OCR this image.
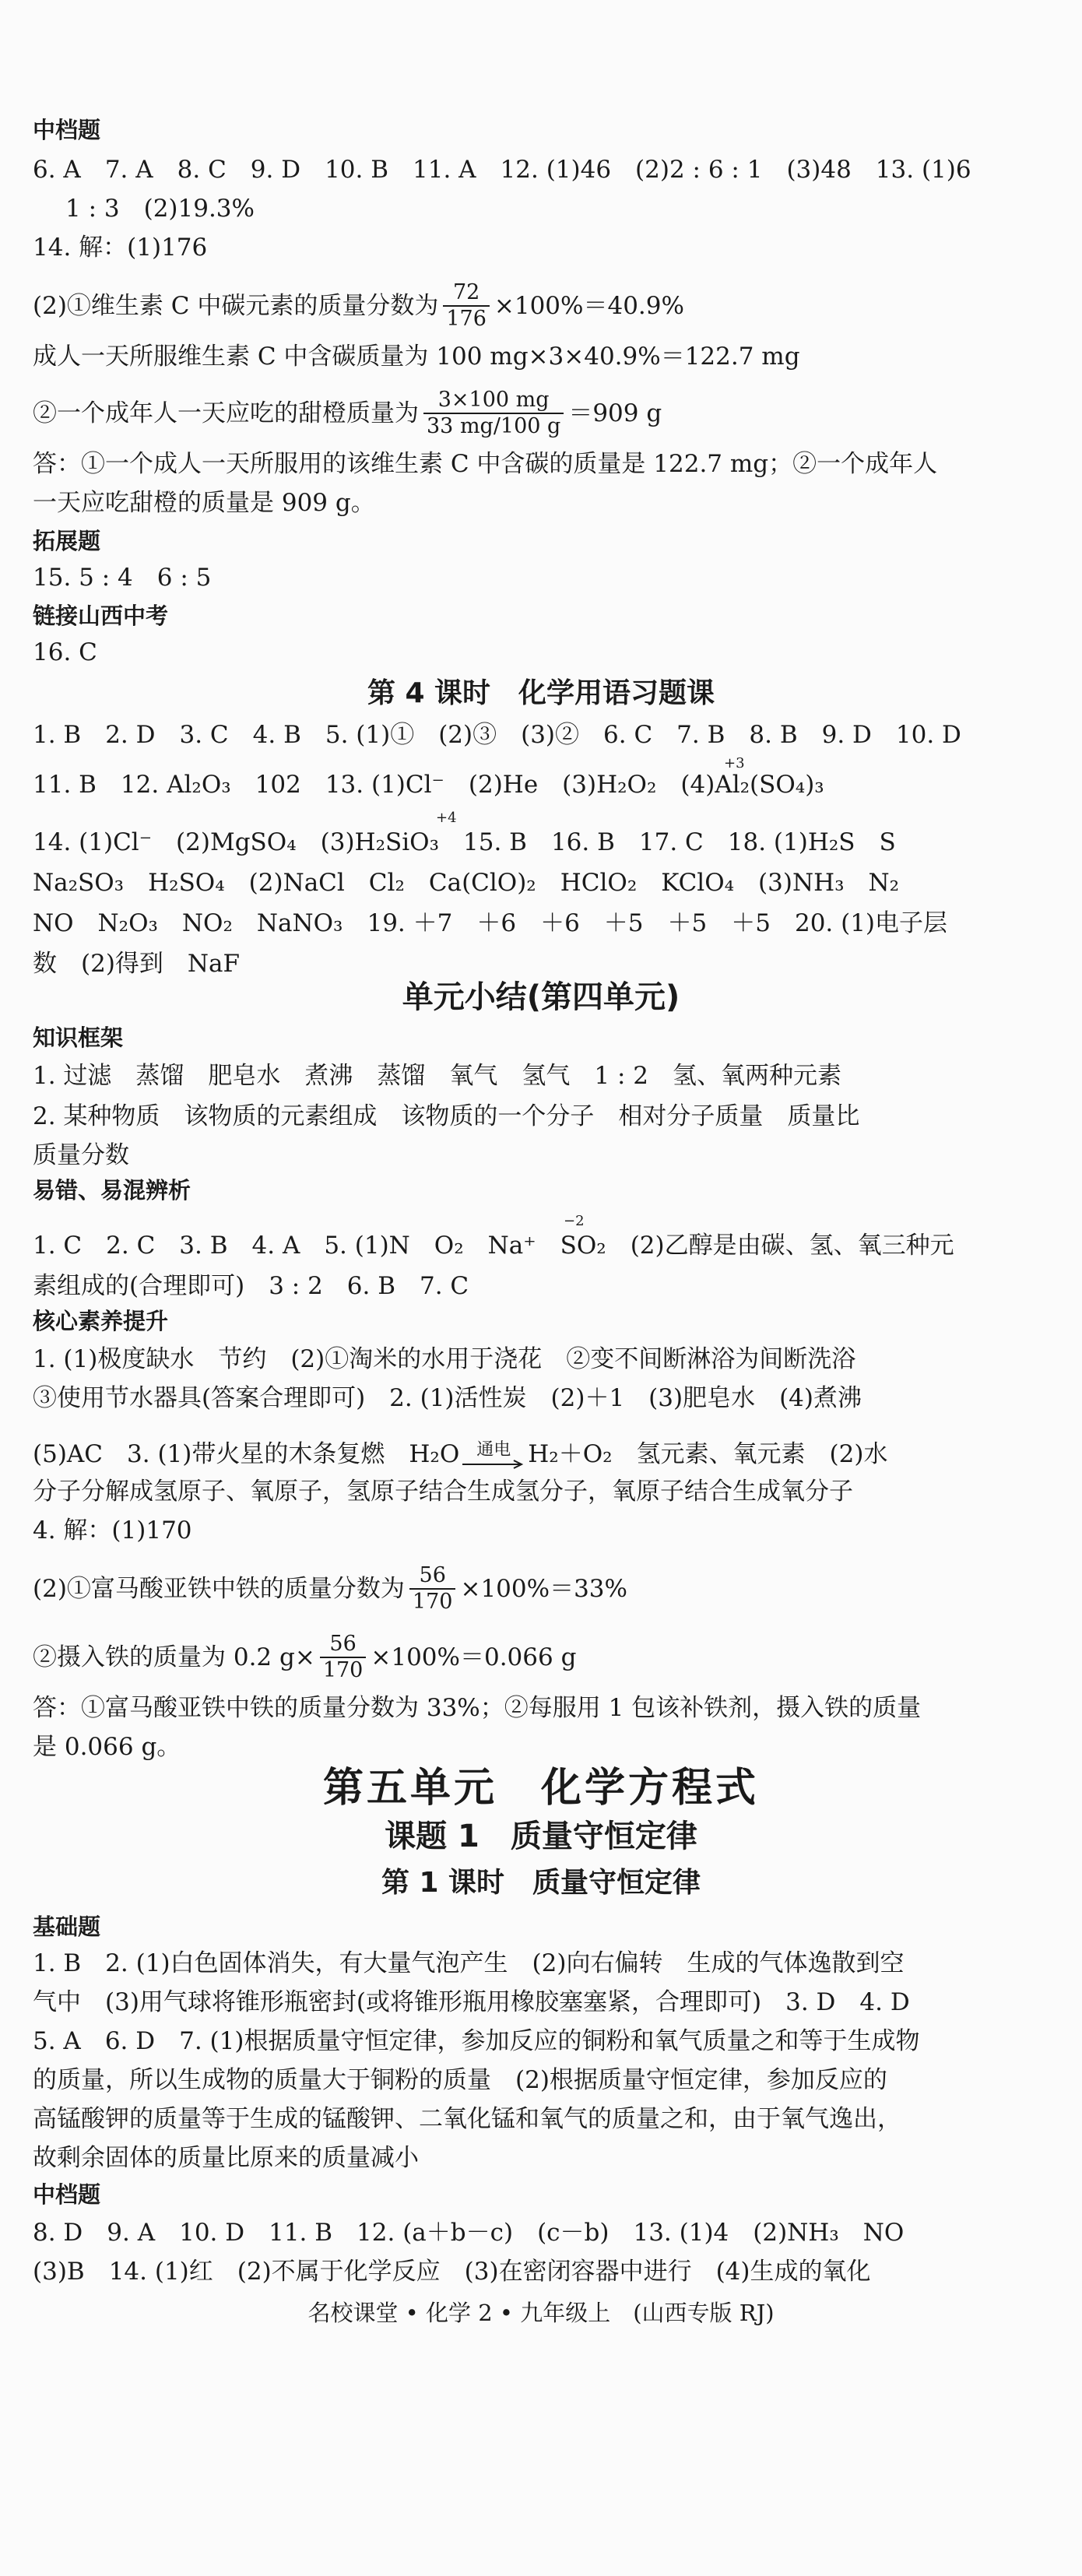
中档题
6. A　7. A　8. C　9. D　10. B　11. A　12. (1)46　(2)2 : 6 : 1　(3)48　13. (1)6
1 : 3　(2)19.3%
14. 解：(1)176
(2)①维生素 C 中碳元素的质量分数为 $\frac{72}{176} \times 100\%=40.9\%$
成人一天所服维生素 C 中含碳质量为 100 mg×3×40.9%＝122.7 mg
②一个成年人一天应吃的甜橙质量为 $\frac{3\times 100 mg}{33 mg/100 g} =909$ g
答：①一个成人一天所服用的该维生素 C 中含碳的质量是 122.7 mg；②一个成年人
一天应吃甜橙的质量是 909 g。
拓展题
15. 5 : 4　6 : 5
链接山西中考
16. C
第 4 课时　化学用语习题课
1. B　2. D　3. C　4. B　5. (1)①　(2)③　(3)②　6. C　7. B　8. B　9. D　10. D
11. B　12. Al₂O₃　102　13. (1)Cl⁻　(2)He　(3)H₂O₂　(4)Al₂(SO₄)₃
+3
14. (1)Cl⁻　(2)MgSO₄　(3)H₂SiO₃　15. B　16. B　17. C　18. (1)H₂S　S
+4
Na₂SO₃　H₂SO₄　(2)NaCl　Cl₂　Ca(ClO)₂　HClO₂　KClO₄　(3)NH₃　N₂
NO　N₂O₃　NO₂　NaNO₃　19. ＋7　＋6　＋6　＋5　＋5　＋5　20. (1)电子层
数　(2)得到　NaF
单元小结(第四单元)
知识框架
1. 过滤　蒸馏　肥皂水　煮沸　蒸馏　氧气　氢气　1 : 2　氢、氧两种元素
2. 某种物质　该物质的元素组成　该物质的一个分子　相对分子质量　质量比
质量分数
易错、易混辨析
1. C　2. C　3. B　4. A　5. (1)N　O₂　Na⁺　SO₂　(2)乙醇是由碳、氢、氧三种元
−2
素组成的(合理即可)　3 : 2　6. B　7. C
核心素养提升
1. (1)极度缺水　节约　(2)①淘米的水用于浇花　②变不间断淋浴为间断洗浴
③使用节水器具(答案合理即可)　2. (1)活性炭　(2)＋1　(3)肥皂水　(4)煮沸
(5)AC　3. (1)带火星的木条复燃　H₂O 通电 H₂＋O₂　氢元素、氧元素　(2)水
分子分解成氢原子、氧原子，氢原子结合生成氢分子，氧原子结合生成氧分子
4. 解：(1)170
(2)①富马酸亚铁中铁的质量分数为 $\frac{56}{170} \times 100\%=33\%$
②摄入铁的质量为 0.2 $g\times \frac{56}{170} \times 100\%=0.066$ g
答：①富马酸亚铁中铁的质量分数为 33%；②每服用 1 包该补铁剂，摄入铁的质量
是 0.066 g。
第五单元　化学方程式
课题 1　质量守恒定律
第 1 课时　质量守恒定律
基础题
1. B　2. (1)白色固体消失，有大量气泡产生　(2)向右偏转　生成的气体逸散到空
气中　(3)用气球将锥形瓶密封(或将锥形瓶用橡胶塞塞紧，合理即可)　3. D　4. D
5. A　6. D　7. (1)根据质量守恒定律，参加反应的铜粉和氧气质量之和等于生成物
的质量，所以生成物的质量大于铜粉的质量　(2)根据质量守恒定律，参加反应的
高锰酸钾的质量等于生成的锰酸钾、二氧化锰和氧气的质量之和，由于氧气逸出，
故剩余固体的质量比原来的质量减小
中档题
8. D　9. A　10. D　11. B　12. (a＋b－c)　(c－b)　13. (1)4　(2)NH₃　NO
(3)B　14. (1)红　(2)不属于化学反应　(3)在密闭容器中进行　(4)生成的氧化
名校课堂 • 化学 2 • 九年级上　(山西专版 RJ)
